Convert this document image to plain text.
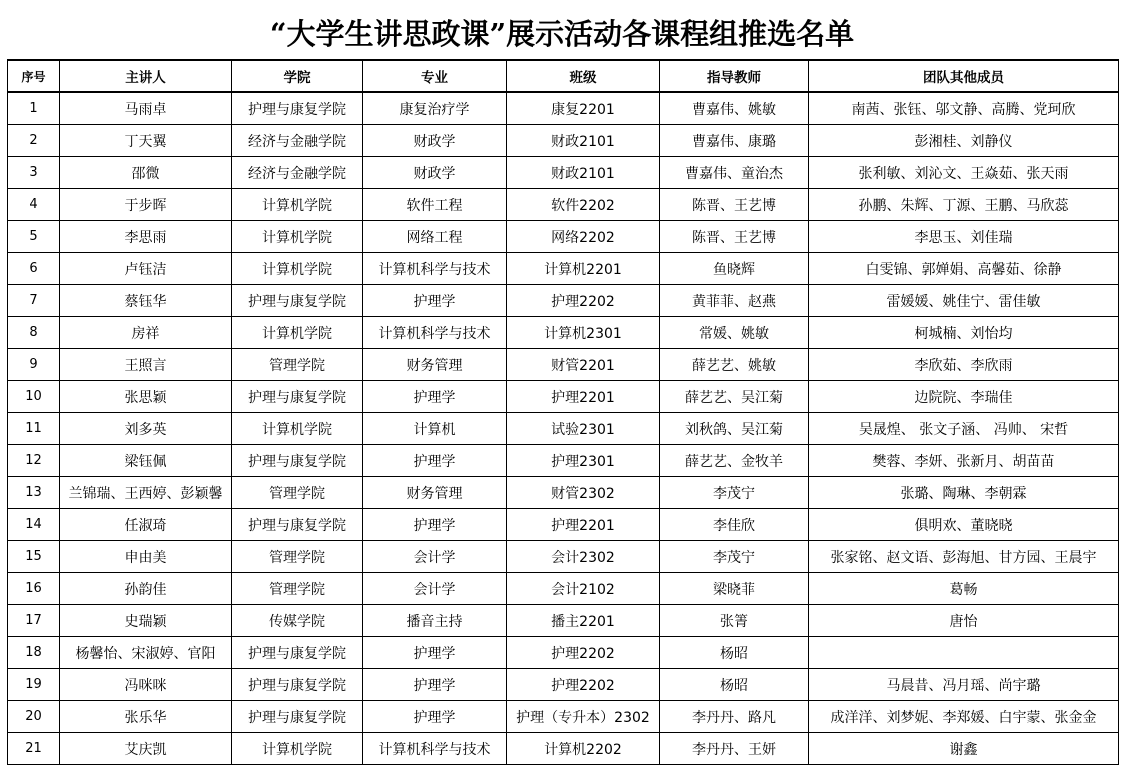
“大学生讲思政课”展示活动各课程组推选名单
序号	主讲人	学院	专业	班级	指导教师	团队其他成员
1	马雨卓	护理与康复学院	康复治疗学	康复2201	曹嘉伟、姚敏	南茜、张钰、邬文静、高腾、党珂欣
2	丁天翼	经济与金融学院	财政学	财政2101	曹嘉伟、康璐	彭湘桂、刘静仪
3	邵微	经济与金融学院	财政学	财政2101	曹嘉伟、童治杰	张利敏、刘沁文、王焱茹、张天雨
4	于步晖	计算机学院	软件工程	软件2202	陈晋、王艺博	孙鹏、朱辉、丁源、王鹏、马欣蕊
5	李思雨	计算机学院	网络工程	网络2202	陈晋、王艺博	李思玉、刘佳瑞
6	卢钰洁	计算机学院	计算机科学与技术	计算机2201	鱼晓辉	白雯锦、郭婵娟、高馨茹、徐静
7	蔡钰华	护理与康复学院	护理学	护理2202	黄菲菲、赵燕	雷媛媛、姚佳宁、雷佳敏
8	房祥	计算机学院	计算机科学与技术	计算机2301	常媛、姚敏	柯城楠、刘怡均
9	王照言	管理学院	财务管理	财管2201	薛艺艺、姚敏	李欣茹、李欣雨
10	张思颖	护理与康复学院	护理学	护理2201	薛艺艺、吴江菊	边院院、李瑞佳
11	刘多英	计算机学院	计算机	试验2301	刘秋鸽、吴江菊	吴晟煌、 张文子涵、 冯帅、 宋哲
12	梁钰佩	护理与康复学院	护理学	护理2301	薛艺艺、金牧羊	樊蓉、李妍、张新月、胡苗苗
13	兰锦瑞、王西婷、彭颖馨	管理学院	财务管理	财管2302	李茂宁	张璐、陶琳、李朝霖
14	任淑琦	护理与康复学院	护理学	护理2201	李佳欣	俱明欢、董晓晓
15	申由美	管理学院	会计学	会计2302	李茂宁	张家铭、赵文语、彭海旭、甘方园、王晨宇
16	孙韵佳	管理学院	会计学	会计2102	梁晓菲	葛畅
17	史瑞颖	传媒学院	播音主持	播主2201	张箐	唐怡
18	杨馨怡、宋淑婷、官阳	护理与康复学院	护理学	护理2202	杨昭	
19	冯咪咪	护理与康复学院	护理学	护理2202	杨昭	马晨昔、冯月瑶、尚宇璐
20	张乐华	护理与康复学院	护理学	护理（专升本）2302	李丹丹、路凡	成洋洋、刘梦妮、李郑媛、白宇蒙、张金金
21	艾庆凯	计算机学院	计算机科学与技术	计算机2202	李丹丹、王妍	谢鑫
